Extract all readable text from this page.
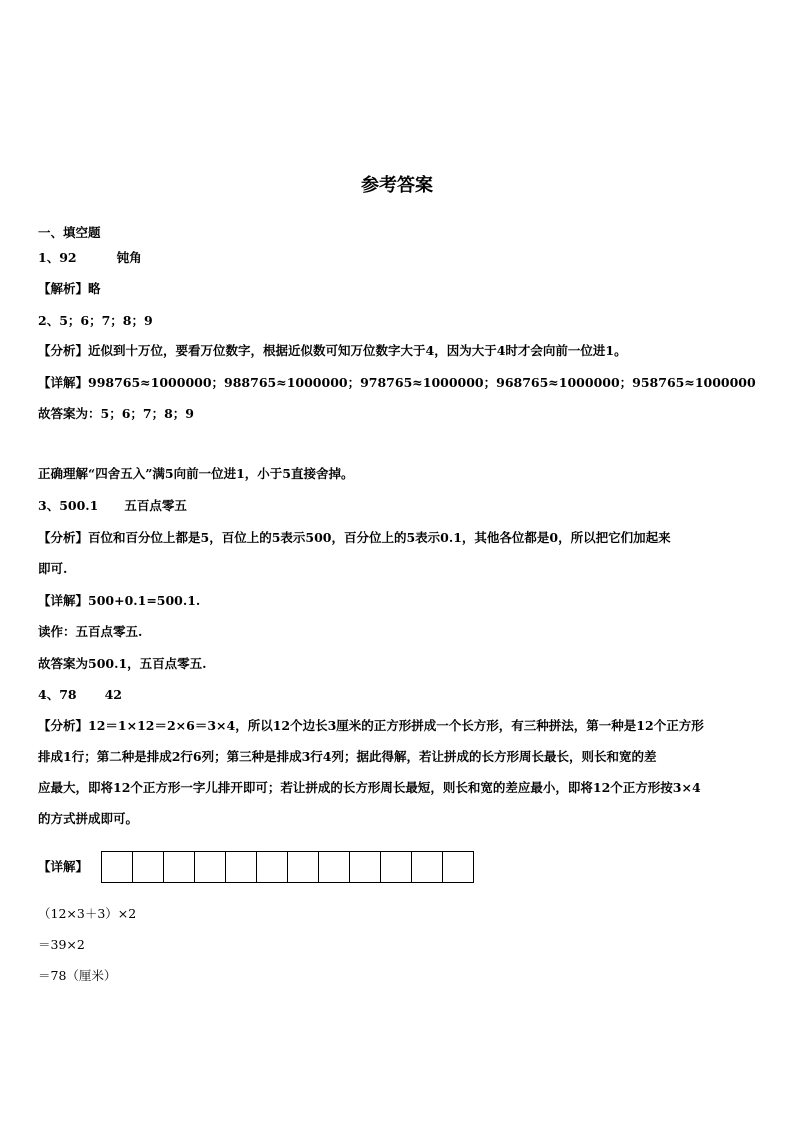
参考答案
一、填空题
1、92	钝角
【解析】略
2、5；6；7；8；9
【分析】近似到十万位，要看万位数字，根据近似数可知万位数字大于4，因为大于4时才会向前一位进1。
【详解】998765≈1000000；988765≈1000000；978765≈1000000；968765≈1000000；958765≈1000000
故答案为：5；6；7；8；9
正确理解“四舍五入”满5向前一位进1，小于5直接舍掉。
3、500.1 五百点零五
【分析】百位和百分位上都是5，百位上的5表示500，百分位上的5表示0.1，其他各位都是0，所以把它们加起来
即可.
【详解】500+0.1=500.1.
读作：五百点零五.
故答案为500.1，五百点零五.
4、78 42
【分析】12＝1×12＝2×6＝3×4，所以12个边长3厘米的正方形拼成一个长方形，有三种拼法，第一种是12个正方形
排成1行；第二种是排成2行6列；第三种是排成3行4列；据此得解，若让拼成的长方形周长最长，则长和宽的差
应最大，即将12个正方形一字儿排开即可；若让拼成的长方形周长最短，则长和宽的差应最小，即将12个正方形按3×4
的方式拼成即可。
【详解】
（12×3＋3）×2
＝39×2
＝78（厘米）
